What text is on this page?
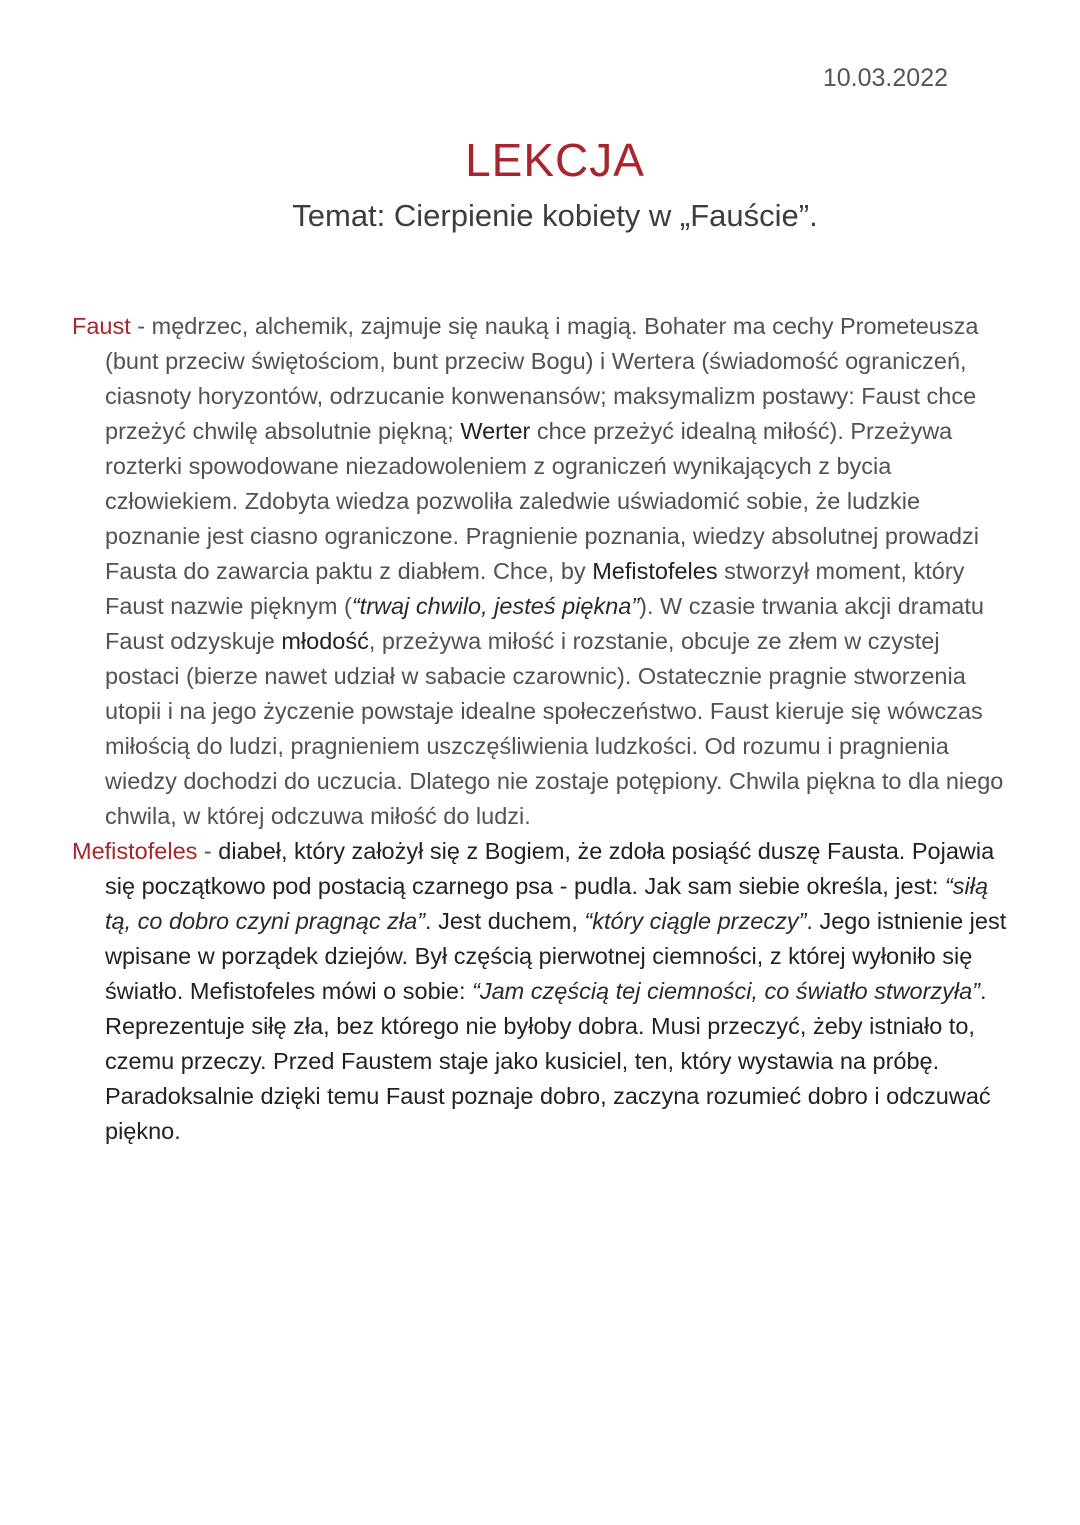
10.03.2022
LEKCJA
Temat: Cierpienie kobiety w „Fauście”.

Faust - mędrzec, alchemik, zajmuje się nauką i magią. Bohater ma cechy Prometeusza (bunt przeciw świętościom, bunt przeciw Bogu) i Wertera (świadomość ograniczeń, ciasnoty horyzontów, odrzucanie konwenansów; maksymalizm postawy: Faust chce przeżyć chwilę absolutnie piękną; Werter chce przeżyć idealną miłość). Przeżywa rozterki spowodowane niezadowoleniem z ograniczeń wynikających z bycia człowiekiem. Zdobyta wiedza pozwoliła zaledwie uświadomić sobie, że ludzkie poznanie jest ciasno ograniczone. Pragnienie poznania, wiedzy absolutnej prowadzi Fausta do zawarcia paktu z diabłem. Chce, by Mefistofeles stworzył moment, który Faust nazwie pięknym (“trwaj chwilo, jesteś piękna”). W czasie trwania akcji dramatu Faust odzyskuje młodość, przeżywa miłość i rozstanie, obcuje ze złem w czystej postaci (bierze nawet udział w sabacie czarownic). Ostatecznie pragnie stworzenia utopii i na jego życzenie powstaje idealne społeczeństwo. Faust kieruje się wówczas miłością do ludzi, pragnieniem uszczęśliwienia ludzkości. Od rozumu i pragnienia wiedzy dochodzi do uczucia. Dlatego nie zostaje potępiony. Chwila piękna to dla niego chwila, w której odczuwa miłość do ludzi.

Mefistofeles - diabeł, który założył się z Bogiem, że zdoła posiąść duszę Fausta. Pojawia się początkowo pod postacią czarnego psa - pudla. Jak sam siebie określa, jest: “siłą tą, co dobro czyni pragnąc zła”. Jest duchem, “który ciągle przeczy”. Jego istnienie jest wpisane w porządek dziejów. Był częścią pierwotnej ciemności, z której wyłoniło się światło. Mefistofeles mówi o sobie: “Jam częścią tej ciemności, co światło stworzyła”. Reprezentuje siłę zła, bez którego nie byłoby dobra. Musi przeczyć, żeby istniało to, czemu przeczy. Przed Faustem staje jako kusiciel, ten, który wystawia na próbę. Paradoksalnie dzięki temu Faust poznaje dobro, zaczyna rozumieć dobro i odczuwać piękno.
